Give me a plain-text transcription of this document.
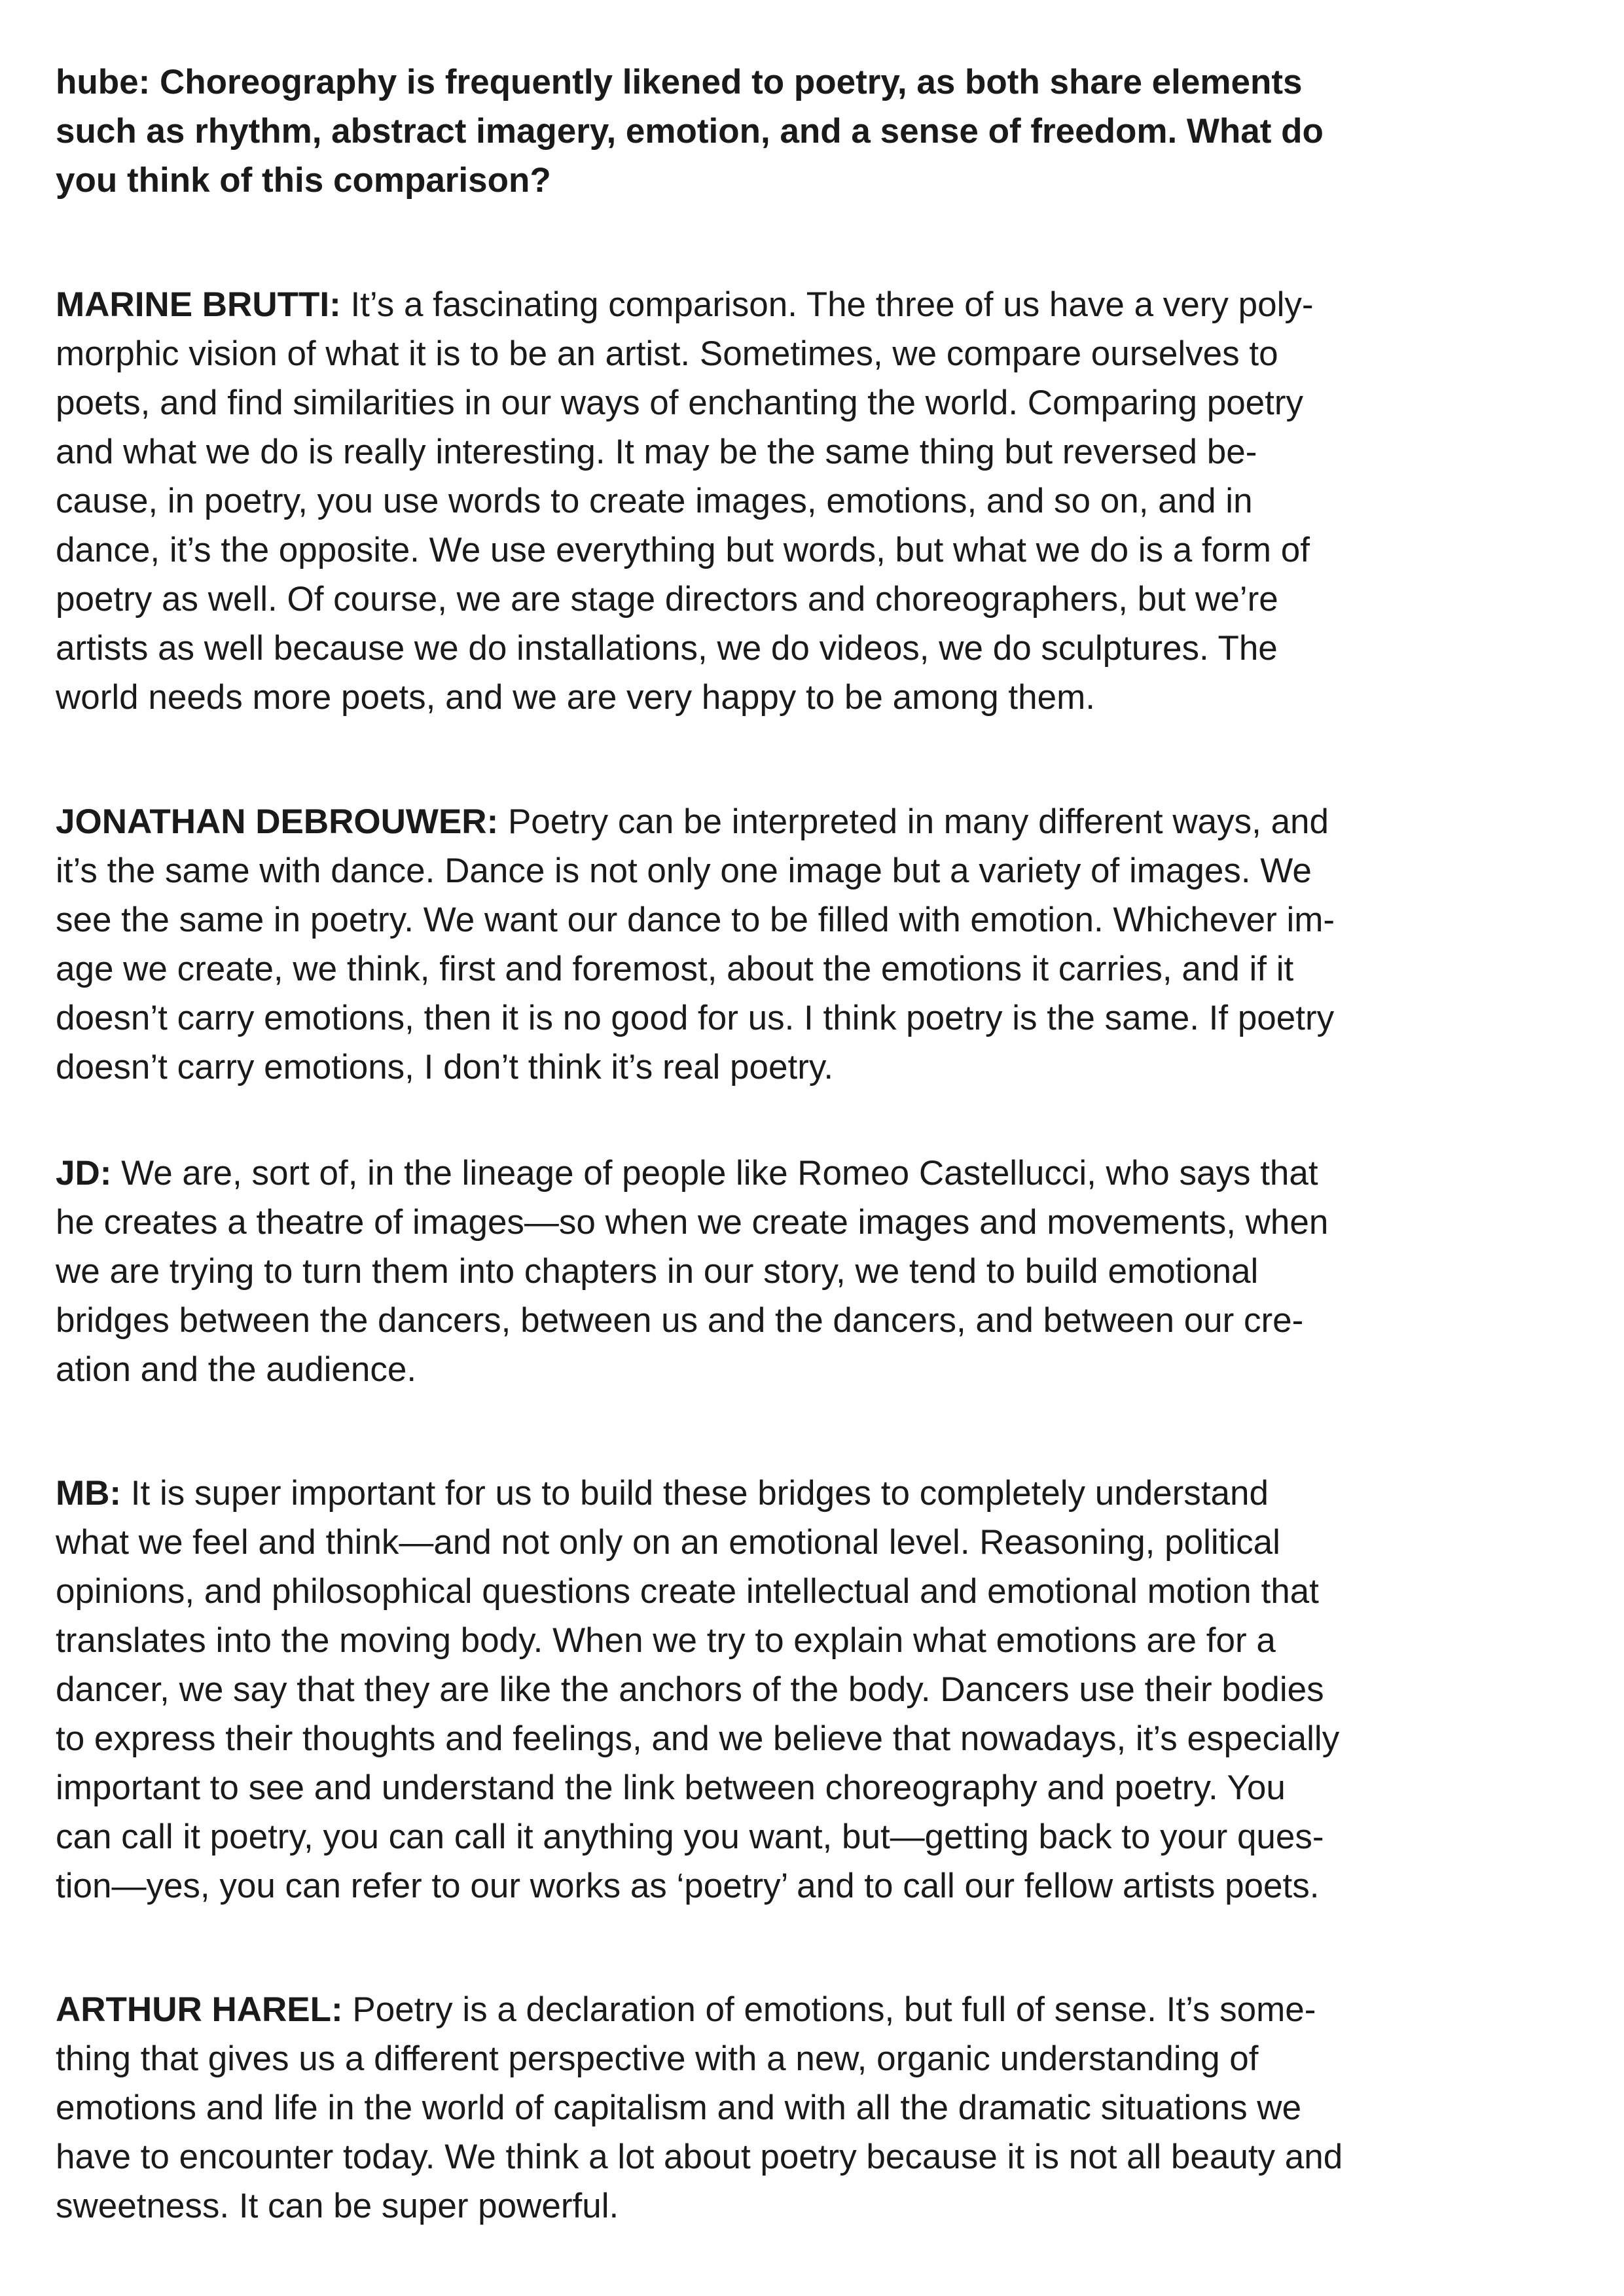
hube: Choreography is frequently likened to poetry, as both share elements
such as rhythm, abstract imagery, emotion, and a sense of freedom. What do
you think of this comparison?

MARINE BRUTTI: It’s a fascinating comparison. The three of us have a very poly-
morphic vision of what it is to be an artist. Sometimes, we compare ourselves to
poets, and find similarities in our ways of enchanting the world. Comparing poetry
and what we do is really interesting. It may be the same thing but reversed be-
cause, in poetry, you use words to create images, emotions, and so on, and in
dance, it’s the opposite. We use everything but words, but what we do is a form of
poetry as well. Of course, we are stage directors and choreographers, but we’re
artists as well because we do installations, we do videos, we do sculptures. The
world needs more poets, and we are very happy to be among them.

JONATHAN DEBROUWER: Poetry can be interpreted in many different ways, and
it’s the same with dance. Dance is not only one image but a variety of images. We
see the same in poetry. We want our dance to be filled with emotion. Whichever im-
age we create, we think, first and foremost, about the emotions it carries, and if it
doesn’t carry emotions, then it is no good for us. I think poetry is the same. If poetry
doesn’t carry emotions, I don’t think it’s real poetry.

JD: We are, sort of, in the lineage of people like Romeo Castellucci, who says that
he creates a theatre of images—so when we create images and movements, when
we are trying to turn them into chapters in our story, we tend to build emotional
bridges between the dancers, between us and the dancers, and between our cre-
ation and the audience.

MB: It is super important for us to build these bridges to completely understand
what we feel and think—and not only on an emotional level. Reasoning, political
opinions, and philosophical questions create intellectual and emotional motion that
translates into the moving body. When we try to explain what emotions are for a
dancer, we say that they are like the anchors of the body. Dancers use their bodies
to express their thoughts and feelings, and we believe that nowadays, it’s especially
important to see and understand the link between choreography and poetry. You
can call it poetry, you can call it anything you want, but—getting back to your ques-
tion—yes, you can refer to our works as ‘poetry’ and to call our fellow artists poets.

ARTHUR HAREL: Poetry is a declaration of emotions, but full of sense. It’s some-
thing that gives us a different perspective with a new, organic understanding of
emotions and life in the world of capitalism and with all the dramatic situations we
have to encounter today. We think a lot about poetry because it is not all beauty and
sweetness. It can be super powerful.
